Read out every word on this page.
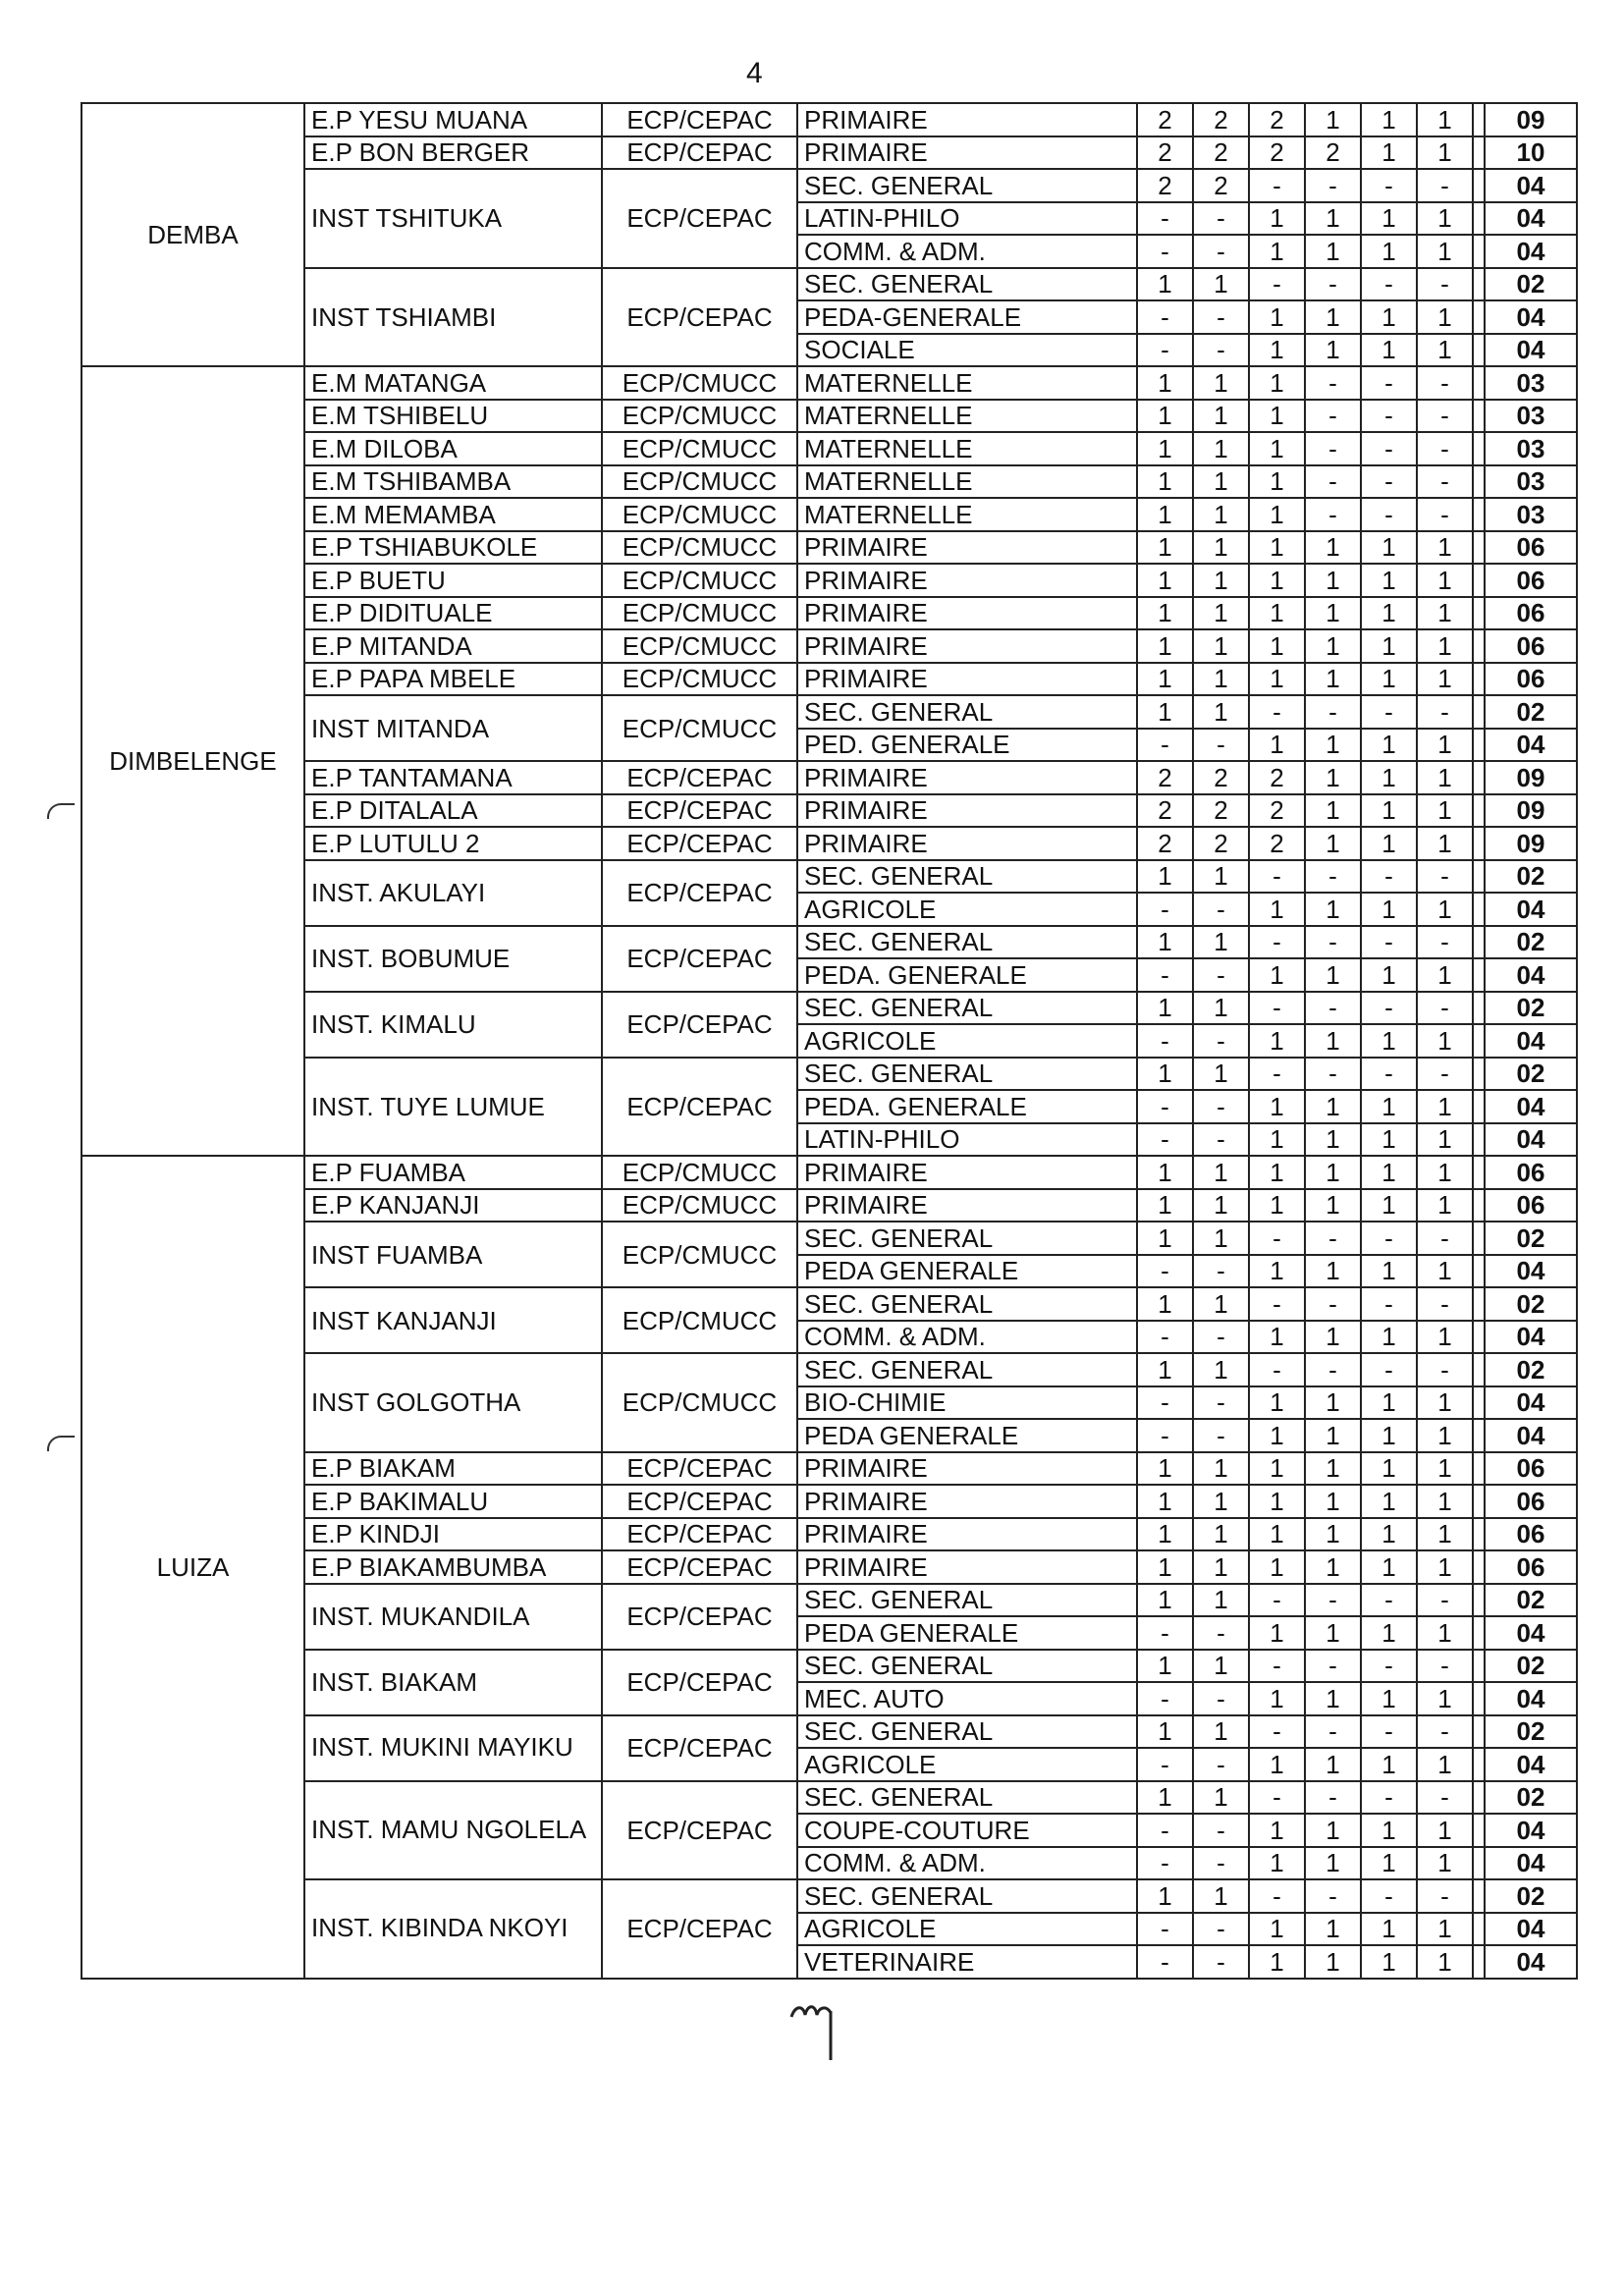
4
DEMBA	E.P YESU MUANA	ECP/CEPAC	PRIMAIRE	2	2	2	1	1	1		09
	E.P BON BERGER	ECP/CEPAC	PRIMAIRE	2	2	2	2	1	1		10
	INST TSHITUKA	ECP/CEPAC	SEC. GENERAL	2	2	-	-	-	-		04
			LATIN-PHILO	-	-	1	1	1	1		04
			COMM. & ADM.	-	-	1	1	1	1		04
	INST TSHIAMBI	ECP/CEPAC	SEC. GENERAL	1	1	-	-	-	-		02
			PEDA-GENERALE	-	-	1	1	1	1		04
			SOCIALE	-	-	1	1	1	1		04
DIMBELENGE	E.M MATANGA	ECP/CMUCC	MATERNELLE	1	1	1	-	-	-		03
	E.M TSHIBELU	ECP/CMUCC	MATERNELLE	1	1	1	-	-	-		03
	E.M DILOBA	ECP/CMUCC	MATERNELLE	1	1	1	-	-	-		03
	E.M TSHIBAMBA	ECP/CMUCC	MATERNELLE	1	1	1	-	-	-		03
	E.M MEMAMBA	ECP/CMUCC	MATERNELLE	1	1	1	-	-	-		03
	E.P TSHIABUKOLE	ECP/CMUCC	PRIMAIRE	1	1	1	1	1	1		06
	E.P BUETU	ECP/CMUCC	PRIMAIRE	1	1	1	1	1	1		06
	E.P DIDITUALE	ECP/CMUCC	PRIMAIRE	1	1	1	1	1	1		06
	E.P MITANDA	ECP/CMUCC	PRIMAIRE	1	1	1	1	1	1		06
	E.P PAPA MBELE	ECP/CMUCC	PRIMAIRE	1	1	1	1	1	1		06
	INST MITANDA	ECP/CMUCC	SEC. GENERAL	1	1	-	-	-	-		02
			PED. GENERALE	-	-	1	1	1	1		04
	E.P TANTAMANA	ECP/CEPAC	PRIMAIRE	2	2	2	1	1	1		09
	E.P DITALALA	ECP/CEPAC	PRIMAIRE	2	2	2	1	1	1		09
	E.P LUTULU 2	ECP/CEPAC	PRIMAIRE	2	2	2	1	1	1		09
	INST. AKULAYI	ECP/CEPAC	SEC. GENERAL	1	1	-	-	-	-		02
			AGRICOLE	-	-	1	1	1	1		04
	INST. BOBUMUE	ECP/CEPAC	SEC. GENERAL	1	1	-	-	-	-		02
			PEDA. GENERALE	-	-	1	1	1	1		04
	INST. KIMALU	ECP/CEPAC	SEC. GENERAL	1	1	-	-	-	-		02
			AGRICOLE	-	-	1	1	1	1		04
	INST. TUYE LUMUE	ECP/CEPAC	SEC. GENERAL	1	1	-	-	-	-		02
			PEDA. GENERALE	-	-	1	1	1	1		04
			LATIN-PHILO	-	-	1	1	1	1		04
LUIZA	E.P FUAMBA	ECP/CMUCC	PRIMAIRE	1	1	1	1	1	1		06
	E.P KANJANJI	ECP/CMUCC	PRIMAIRE	1	1	1	1	1	1		06
	INST FUAMBA	ECP/CMUCC	SEC. GENERAL	1	1	-	-	-	-		02
			PEDA GENERALE	-	-	1	1	1	1		04
	INST KANJANJI	ECP/CMUCC	SEC. GENERAL	1	1	-	-	-	-		02
			COMM. & ADM.	-	-	1	1	1	1		04
	INST GOLGOTHA	ECP/CMUCC	SEC. GENERAL	1	1	-	-	-	-		02
			BIO-CHIMIE	-	-	1	1	1	1		04
			PEDA GENERALE	-	-	1	1	1	1		04
	E.P BIAKAM	ECP/CEPAC	PRIMAIRE	1	1	1	1	1	1		06
	E.P BAKIMALU	ECP/CEPAC	PRIMAIRE	1	1	1	1	1	1		06
	E.P KINDJI	ECP/CEPAC	PRIMAIRE	1	1	1	1	1	1		06
	E.P BIAKAMBUMBA	ECP/CEPAC	PRIMAIRE	1	1	1	1	1	1		06
	INST. MUKANDILA	ECP/CEPAC	SEC. GENERAL	1	1	-	-	-	-		02
			PEDA GENERALE	-	-	1	1	1	1		04
	INST. BIAKAM	ECP/CEPAC	SEC. GENERAL	1	1	-	-	-	-		02
			MEC. AUTO	-	-	1	1	1	1		04
	INST. MUKINI MAYIKU	ECP/CEPAC	SEC. GENERAL	1	1	-	-	-	-		02
			AGRICOLE	-	-	1	1	1	1		04
	INST. MAMU NGOLELA	ECP/CEPAC	SEC. GENERAL	1	1	-	-	-	-		02
			COUPE-COUTURE	-	-	1	1	1	1		04
			COMM. & ADM.	-	-	1	1	1	1		04
	INST. KIBINDA NKOYI	ECP/CEPAC	SEC. GENERAL	1	1	-	-	-	-		02
			AGRICOLE	-	-	1	1	1	1		04
			VETERINAIRE	-	-	1	1	1	1		04
